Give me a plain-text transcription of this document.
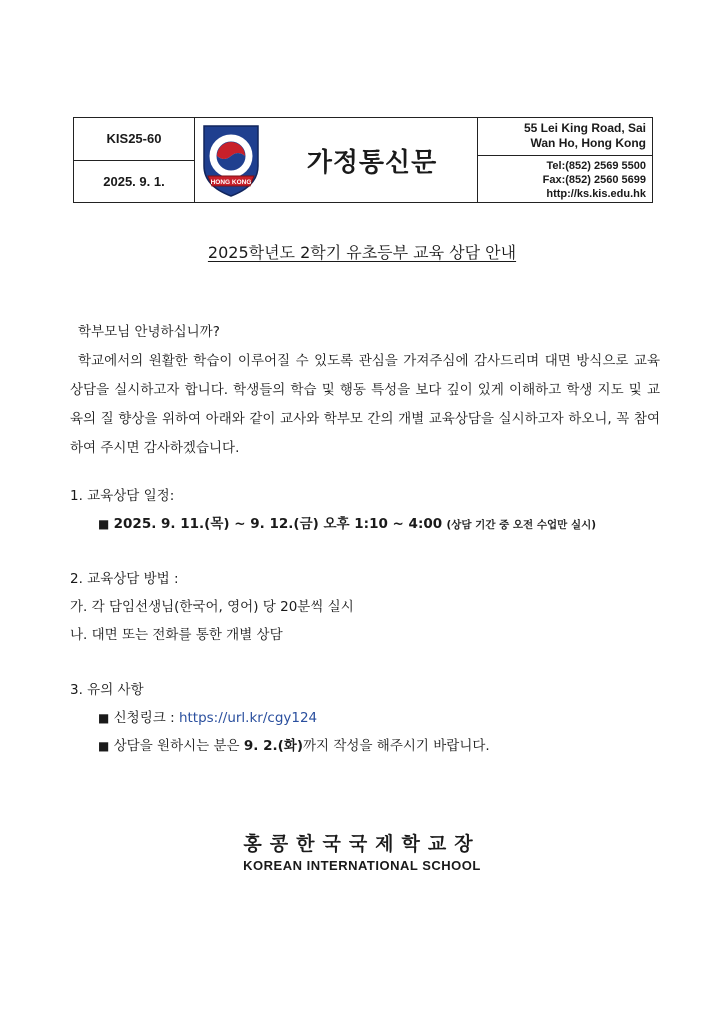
KIS25-60
2025. 9. 1.	HONG KONG
가정통신문
55 Lei King Road, Sai
Wan Ho, Hong Kong
Tel:(852) 2569 5500
Fax:(852) 2560 5699
http://ks.kis.edu.hk
2025학년도 2학기 유초등부 교육 상담 안내

학부모님 안녕하십니까?

학교에서의 원활한 학습이 이루어질 수 있도록 관심을 가져주심에 감사드리며 대면 방식으로 교육 상담을 실시하고자 합니다. 학생들의 학습 및 행동 특성을 보다 깊이 있게 이해하고 학생 지도 및 교육의 질 향상을 위하여 아래와 같이 교사와 학부모 간의 개별 교육상담을 실시하고자 하오니, 꼭 참여하여 주시면 감사하겠습니다.

1. 교육상담 일정:
■ 2025. 9. 11.(목) ~ 9. 12.(금) 오후 1:10 ~ 4:00 (상담 기간 중 오전 수업만 실시)
2. 교육상담 방법 :
가. 각 담임선생님(한국어, 영어) 당 20분씩 실시
나. 대면 또는 전화를 통한 개별 상담
3. 유의 사항
■ 신청링크 : https://url.kr/cgy124
■ 상담을 원하시는 분은 9. 2.(화)까지 작성을 해주시기 바랍니다.
홍콩한국국제학교장
KOREAN INTERNATIONAL SCHOOL
